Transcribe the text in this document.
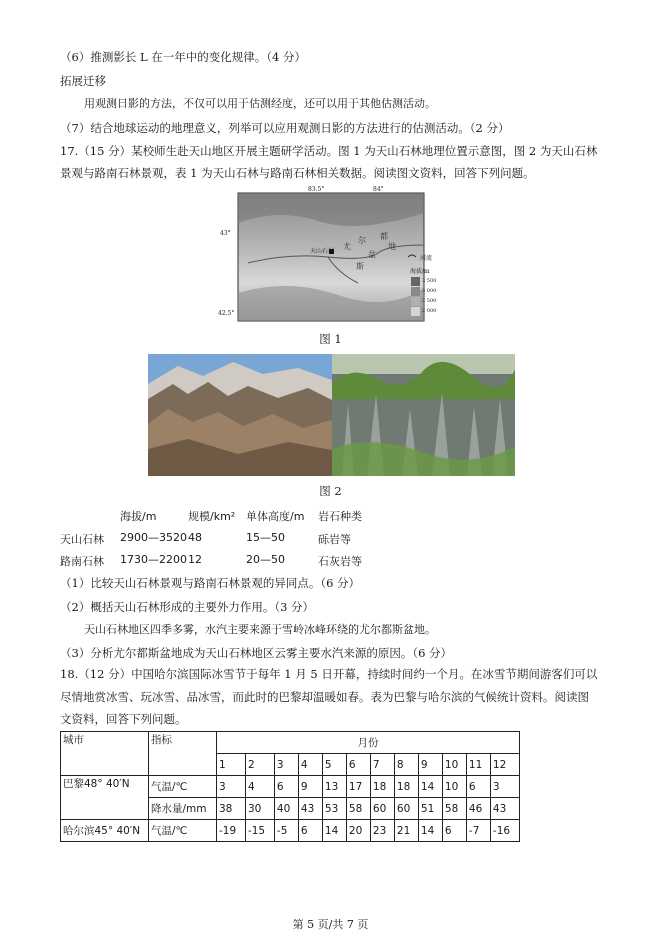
（6）推测影长 L 在一年中的变化规律。（4 分）
拓展迁移
用观测日影的方法，不仅可以用于估测经度，还可以用于其他估测活动。
（7）结合地球运动的地理意义，列举可以应用观测日影的方法进行的估测活动。（2 分）
17.（15 分）某校师生赴天山地区开展主题研学活动。图 1 为天山石林地理位置示意图，图 2 为天山石林
景观与路南石林景观，表 1 为天山石林与路南石林相关数据。阅读图文资料，回答下列问题。
天山石林
尤
尔 都
斯
盆
地
83.5°	84°
43°
42.5°
河流
海拔/m
3 500
3 000
2 500
2 000
图 1
图 2
海拔/m	规模/km² 单体高度/m 岩石种类
天山石林 2900—3520 48	15—50	砾岩等
路南石林 1730—2200 12	20—50	石灰岩等
（1）比较天山石林景观与路南石林景观的异同点。（6 分）
（2）概括天山石林形成的主要外力作用。（3 分）
天山石林地区四季多雾，水汽主要来源于雪岭冰峰环绕的尤尔都斯盆地。
（3）分析尤尔都斯盆地成为天山石林地区云雾主要水汽来源的原因。（6 分）
18.（12 分）中国哈尔滨国际冰雪节于每年 1 月 5 日开幕，持续时间约一个月。在冰雪节期间游客们可以
尽情地赏冰雪、玩冰雪、品冰雪，而此时的巴黎却温暖如春。表为巴黎与哈尔滨的气候统计资料。阅读图
文资料，回答下列问题。
城市	指标	月份											
		1	2	3	4	5	6	7	8	9	10	11	12
巴黎48° 40′N	气温/℃	3	4	6	9	13	17	18	18	14	10	6	3
	降水量/mm	38	30	40	43	53	58	60	60	51	58	46	43
哈尔滨45° 40′N	气温/℃	-19	-15	-5	6	14	20	23	21	14	6	-7	-16
第 5 页/共 7 页
